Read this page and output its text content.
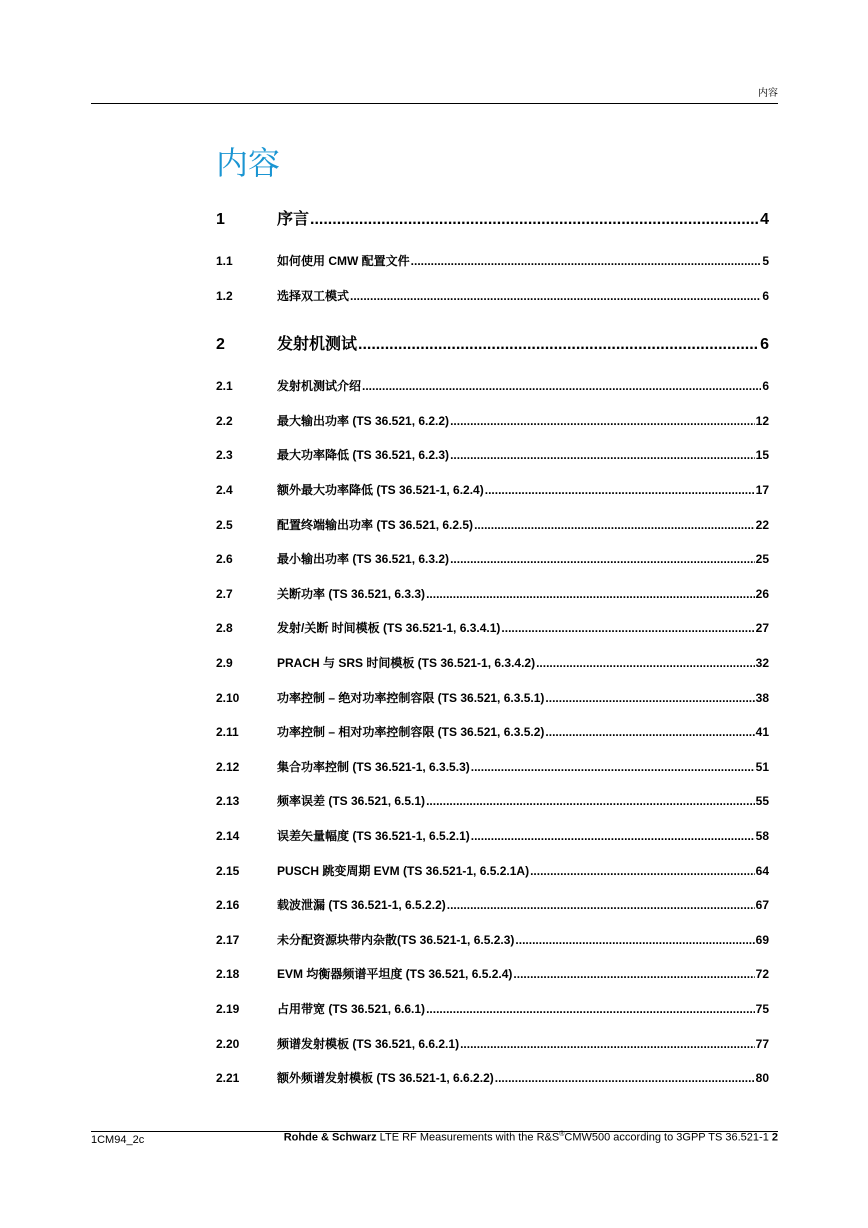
内容
内容
1	序言 .....	4
1.1	如何使用 CMW 配置文件 .....	5
1.2	选择双工模式 .....	6
2	发射机测试 .....	6
2.1	发射机测试介绍 .....	6
2.2	最大输出功率 (TS 36.521, 6.2.2) .....	12
2.3	最大功率降低 (TS 36.521, 6.2.3) .....	15
2.4	额外最大功率降低 (TS 36.521-1, 6.2.4) .....	17
2.5	配置终端输出功率 (TS 36.521, 6.2.5) .....	22
2.6	最小输出功率 (TS 36.521, 6.3.2) .....	25
2.7	关断功率 (TS 36.521, 6.3.3) .....	26
2.8	发射/关断 时间模板 (TS 36.521-1, 6.3.4.1) .....	27
2.9	PRACH 与 SRS 时间模板 (TS 36.521-1, 6.3.4.2) .....	32
2.10	功率控制 – 绝对功率控制容限 (TS 36.521, 6.3.5.1) .....	38
2.11	功率控制 – 相对功率控制容限 (TS 36.521, 6.3.5.2) .....	41
2.12	集合功率控制 (TS 36.521-1, 6.3.5.3) .....	51
2.13	频率误差 (TS 36.521, 6.5.1) .....	55
2.14	误差矢量幅度 (TS 36.521-1, 6.5.2.1) .....	58
2.15	PUSCH 跳变周期 EVM (TS 36.521-1, 6.5.2.1A) .....	64
2.16	载波泄漏 (TS 36.521-1, 6.5.2.2) .....	67
2.17	未分配资源块带内杂散(TS 36.521-1, 6.5.2.3) .....	69
2.18	EVM 均衡器频谱平坦度 (TS 36.521, 6.5.2.4) .....	72
2.19	占用带宽 (TS 36.521, 6.6.1) .....	75
2.20	频谱发射模板 (TS 36.521, 6.6.2.1) .....	77
2.21	额外频谱发射模板 (TS 36.521-1, 6.6.2.2) .....	80
1CM94_2c	Rohde & Schwarz LTE RF Measurements with the R&S®CMW500 according to 3GPP TS 36.521-1 2
